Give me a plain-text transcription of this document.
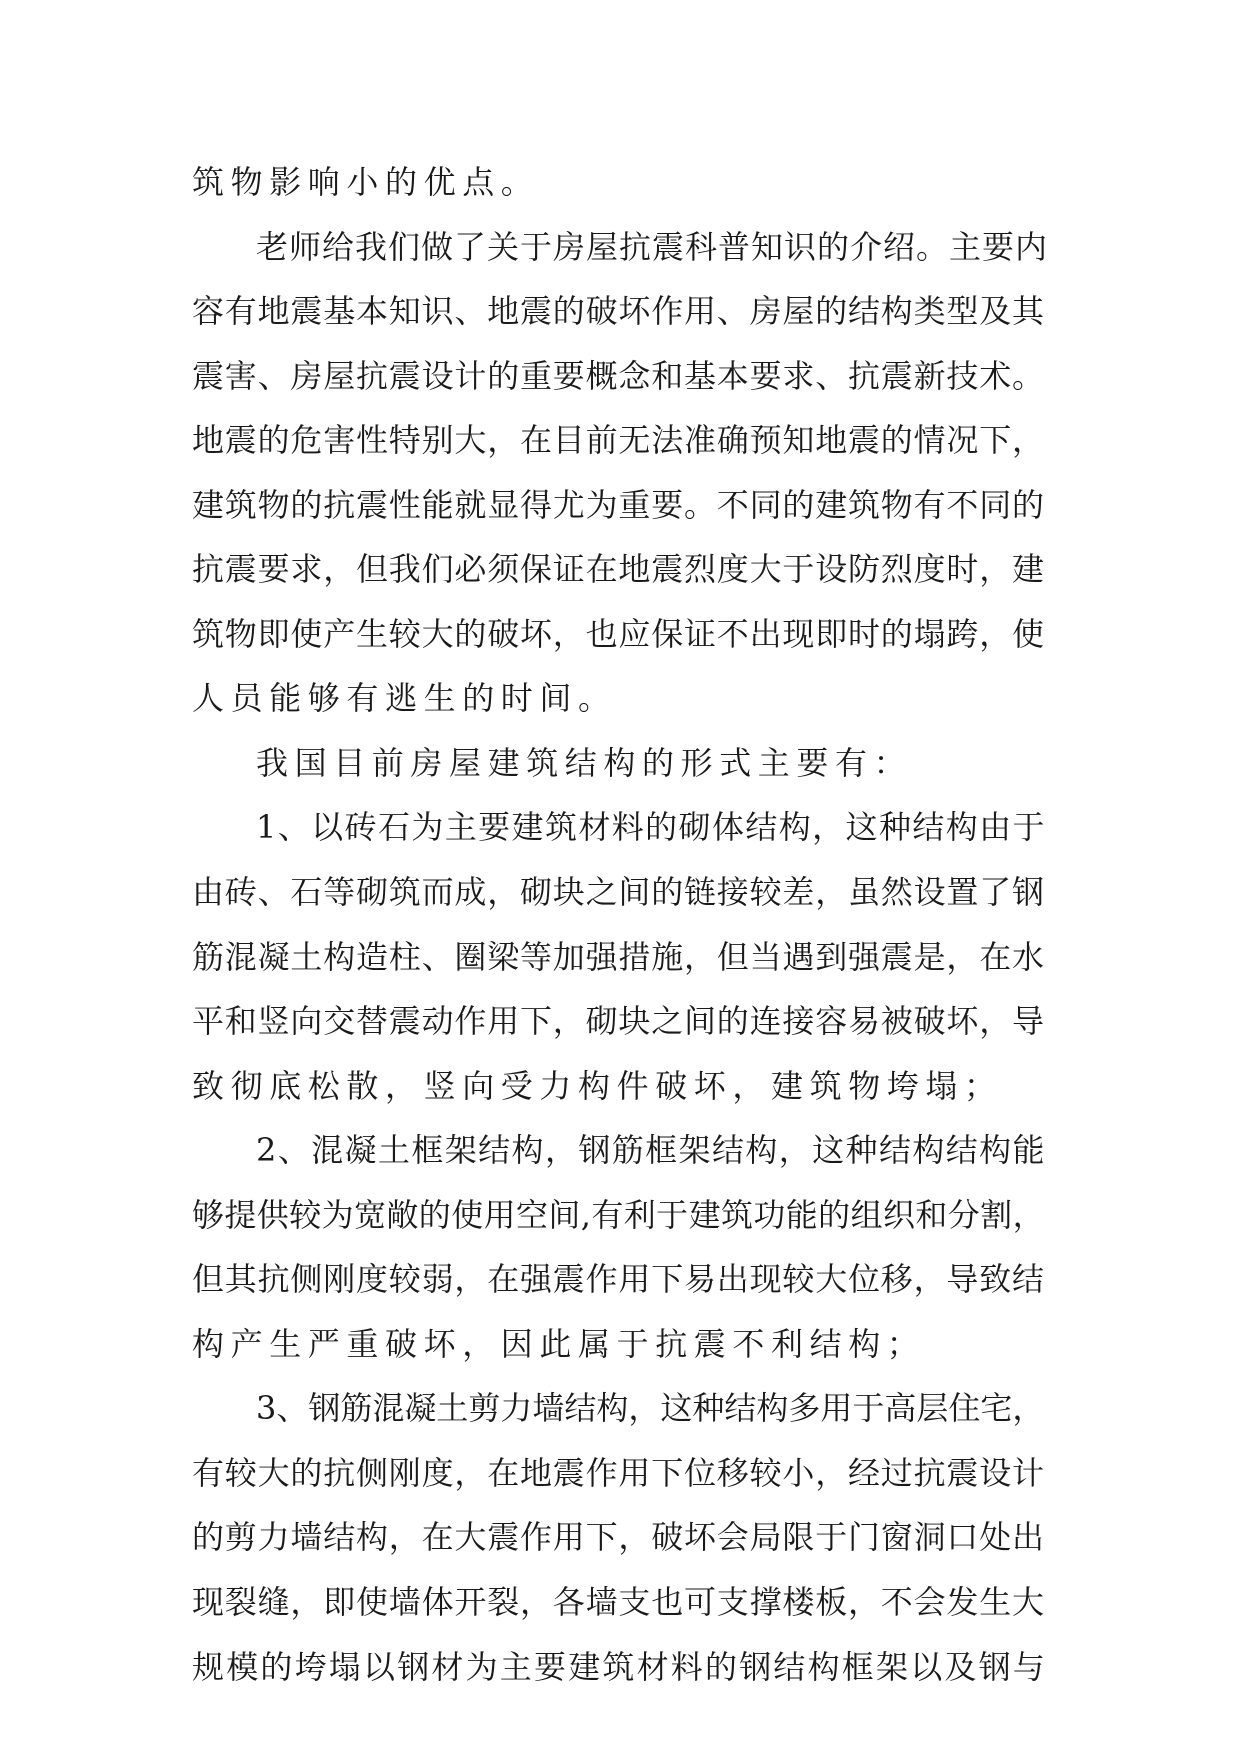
筑物影响小的优点。
老师给我们做了关于房屋抗震科普知识的介绍。主要内
容有地震基本知识、地震的破坏作用、房屋的结构类型及其
震害、房屋抗震设计的重要概念和基本要求、抗震新技术。
地震的危害性特别大，在目前无法准确预知地震的情况下，
建筑物的抗震性能就显得尤为重要。不同的建筑物有不同的
抗震要求，但我们必须保证在地震烈度大于设防烈度时，建
筑物即使产生较大的破坏，也应保证不出现即时的塌跨，使
人员能够有逃生的时间。
我国目前房屋建筑结构的形式主要有：
1、以砖石为主要建筑材料的砌体结构，这种结构由于
由砖、石等砌筑而成，砌块之间的链接较差，虽然设置了钢
筋混凝土构造柱、圈梁等加强措施，但当遇到强震是，在水
平和竖向交替震动作用下，砌块之间的连接容易被破坏，导
致彻底松散，竖向受力构件破坏，建筑物垮塌；
2、混凝土框架结构，钢筋框架结构，这种结构结构能
够提供较为宽敞的使用空间,有利于建筑功能的组织和分割，
但其抗侧刚度较弱，在强震作用下易出现较大位移，导致结
构产生严重破坏，因此属于抗震不利结构；
3、钢筋混凝土剪力墙结构，这种结构多用于高层住宅，
有较大的抗侧刚度，在地震作用下位移较小，经过抗震设计
的剪力墙结构，在大震作用下，破坏会局限于门窗洞口处出
现裂缝，即使墙体开裂，各墙支也可支撑楼板，不会发生大
规模的垮塌以钢材为主要建筑材料的钢结构框架以及钢与
